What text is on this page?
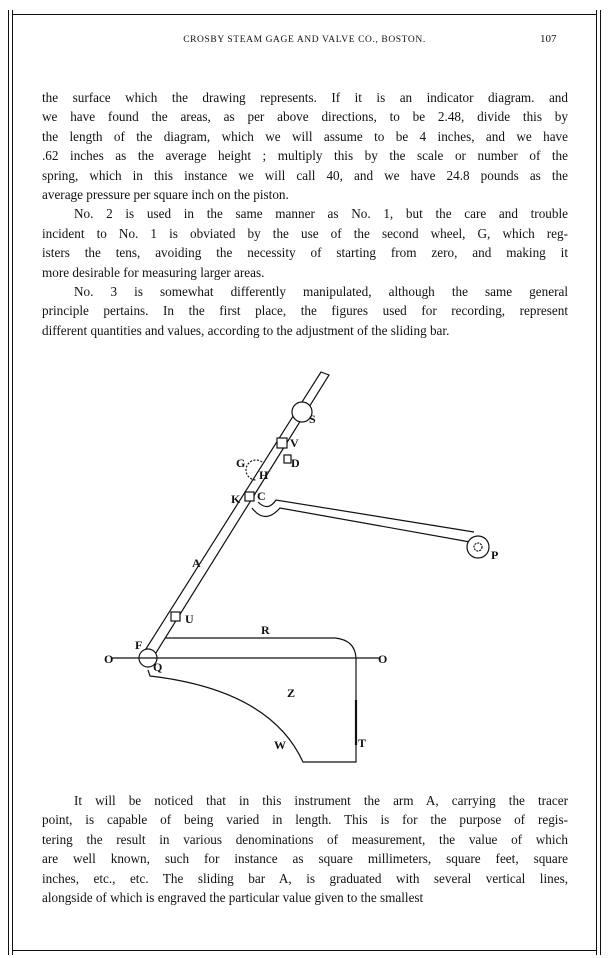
CROSBY STEAM GAGE AND VALVE CO., BOSTON.	107
the surface which the drawing represents. If it is an indicator diagram. and
we have found the areas, as per above directions, to be 2.48, divide this by
the length of the diagram, which we will assume to be 4 inches, and we have
.62 inches as the average height ; multiply this by the scale or number of the
spring, which in this instance we will call 40, and we have 24.8 pounds as the
average pressure per square inch on the piston.
No. 2 is used in the same manner as No. 1, but the care and trouble
incident to No. 1 is obviated by the use of the second wheel, G, which reg-
isters the tens, avoiding the necessity of starting from zero, and making it
more desirable for measuring larger areas.
No. 3 is somewhat differently manipulated, although the same general
principle pertains. In the first place, the figures used for recording, represent
different quantities and values, according to the adjustment of the sliding bar.
S
V
D
G
H
K C
P
A
U
R
F
Q
O	O
Z
W	T
It will be noticed that in this instrument the arm A, carrying the tracer
point, is capable of being varied in length. This is for the purpose of regis-
tering the result in various denominations of measurement, the value of which
are well known, such for instance as square millimeters, square feet, square
inches, etc., etc. The sliding bar A, is graduated with several vertical lines,
alongside of which is engraved the particular value given to the smallest
